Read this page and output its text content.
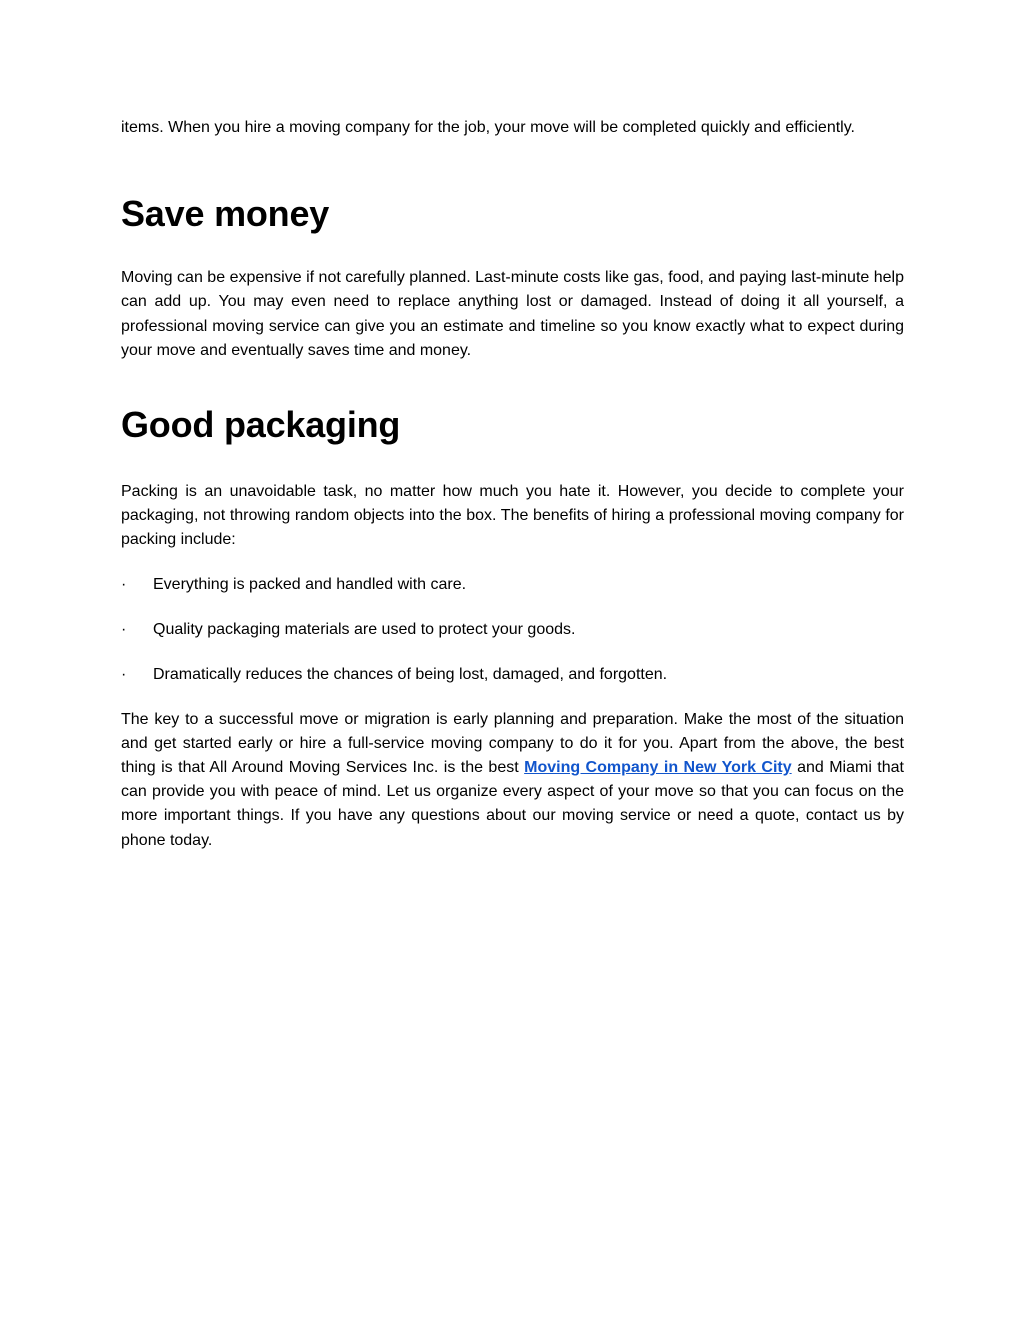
items. When you hire a moving company for the job, your move will be completed quickly and efficiently.

Save money

Moving can be expensive if not carefully planned. Last-minute costs like gas, food, and paying last-minute help can add up. You may even need to replace anything lost or damaged. Instead of doing it all yourself, a professional moving service can give you an estimate and timeline so you know exactly what to expect during your move and eventually saves time and money.

Good packaging

Packing is an unavoidable task, no matter how much you hate it. However, you decide to complete your packaging, not throwing random objects into the box. The benefits of hiring a professional moving company for packing include:

· Everything is packed and handled with care.
· Quality packaging materials are used to protect your goods.
· Dramatically reduces the chances of being lost, damaged, and forgotten.

The key to a successful move or migration is early planning and preparation. Make the most of the situation and get started early or hire a full-service moving company to do it for you. Apart from the above, the best thing is that All Around Moving Services Inc. is the best Moving Company in New York City and Miami that can provide you with peace of mind. Let us organize every aspect of your move so that you can focus on the more important things. If you have any questions about our moving service or need a quote, contact us by phone today.
